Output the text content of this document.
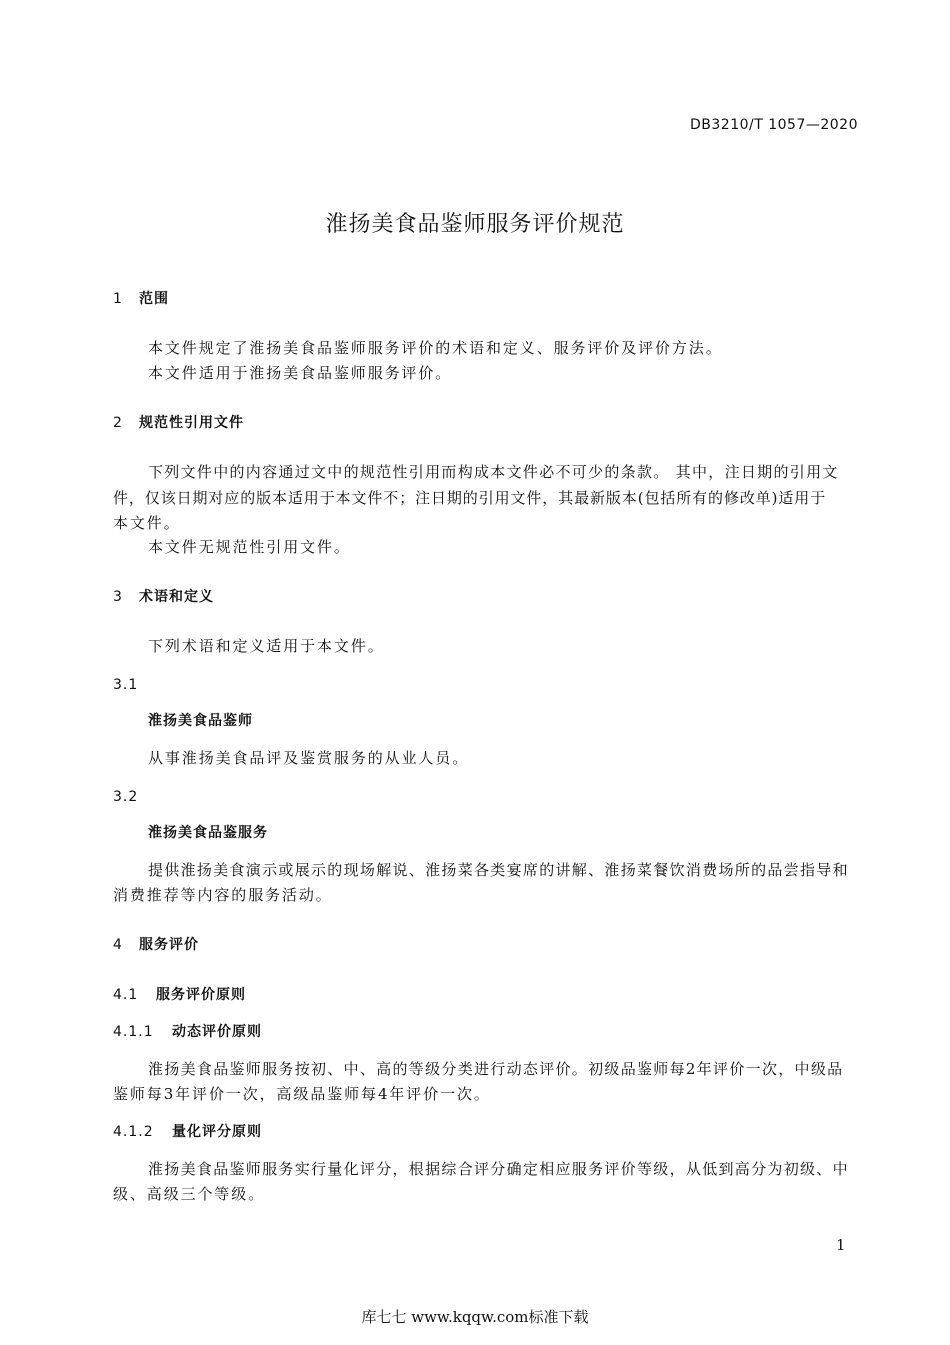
DB3210/T 1057—2020
淮扬美食品鉴师服务评价规范
1 范围
本文件规定了淮扬美食品鉴师服务评价的术语和定义、服务评价及评价方法。
本文件适用于淮扬美食品鉴师服务评价。
2 规范性引用文件
下列文件中的内容通过文中的规范性引用而构成本文件必不可少的条款。 其中，注日期的引用文
件，仅该日期对应的版本适用于本文件不；注日期的引用文件，其最新版本(包括所有的修改单)适用于
本文件。
本文件无规范性引用文件。
3 术语和定义
下列术语和定义适用于本文件。
3.1
淮扬美食品鉴师
从事淮扬美食品评及鉴赏服务的从业人员。
3.2
淮扬美食品鉴服务
提供淮扬美食演示或展示的现场解说、淮扬菜各类宴席的讲解、淮扬菜餐饮消费场所的品尝指导和
消费推荐等内容的服务活动。
4 服务评价
4.1 服务评价原则
4.1.1 动态评价原则
淮扬美食品鉴师服务按初、中、高的等级分类进行动态评价。初级品鉴师每2年评价一次，中级品
鉴师每3年评价一次，高级品鉴师每4年评价一次。
4.1.2 量化评分原则
淮扬美食品鉴师服务实行量化评分，根据综合评分确定相应服务评价等级，从低到高分为初级、中
级、高级三个等级。
1
库七七 www.kqqw.com标准下载
